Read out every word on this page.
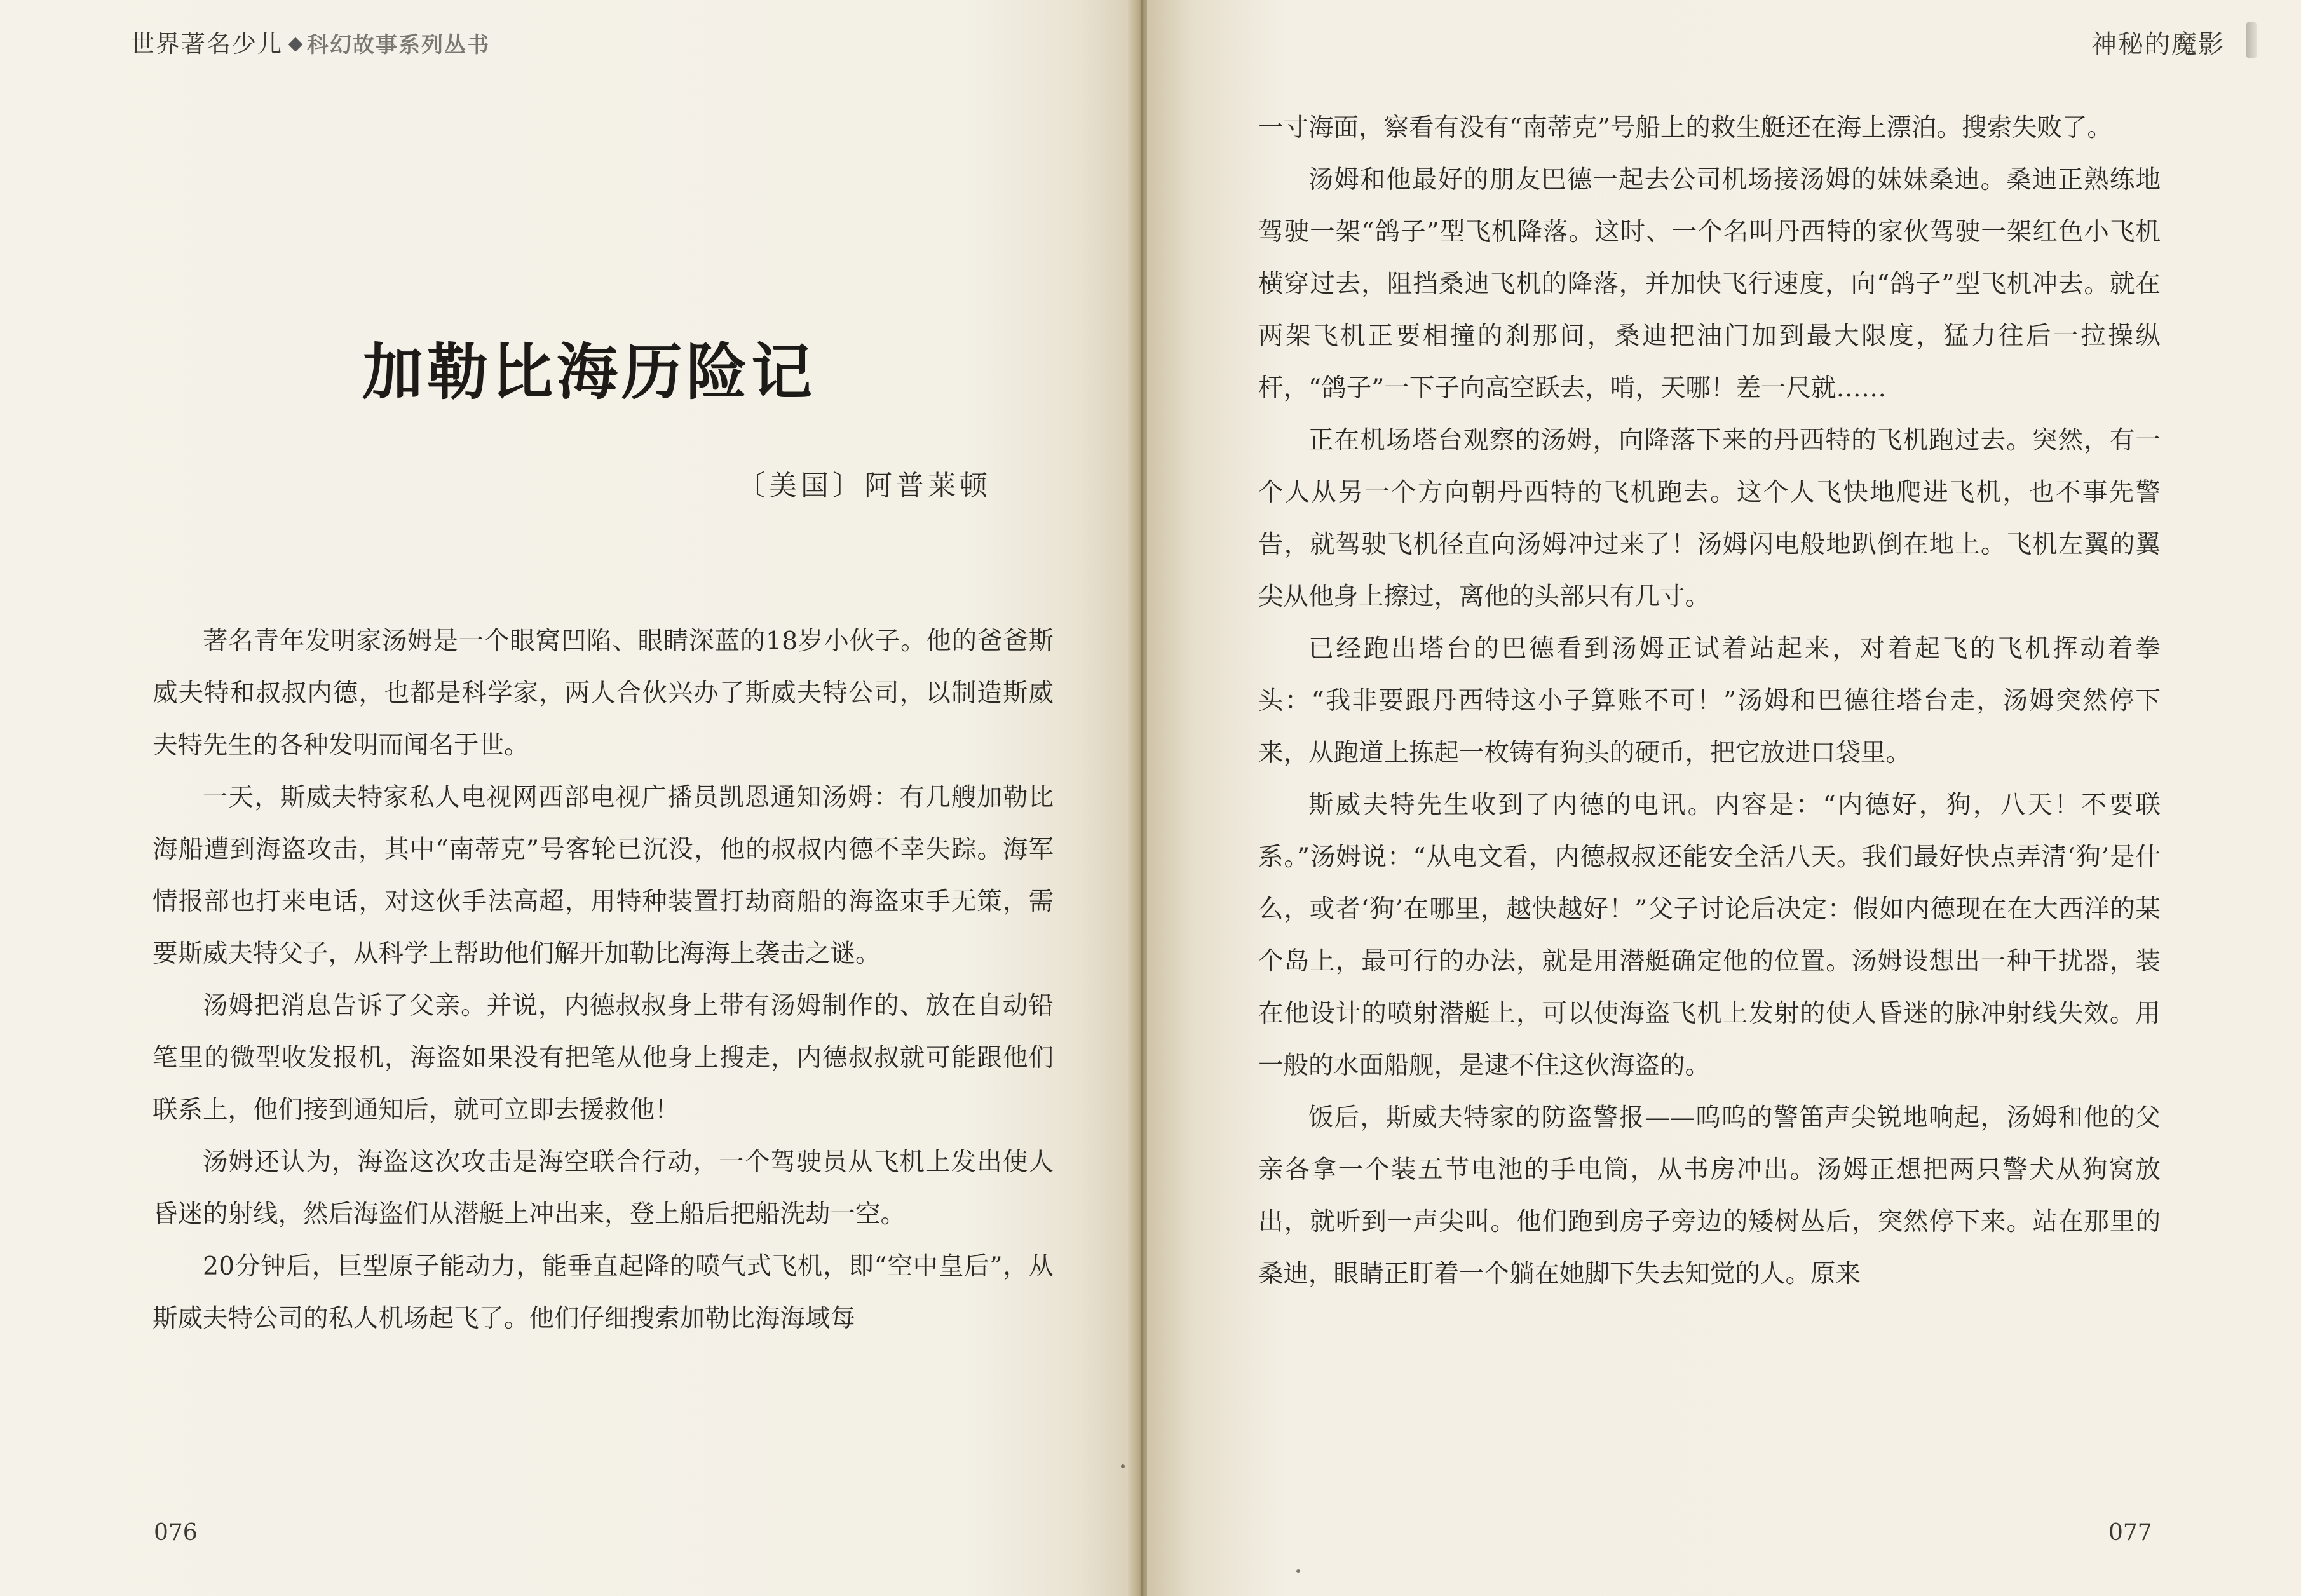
世界著名少儿 科幻故事系列丛书
加勒比海历险记
〔美国〕阿普莱顿

著名青年发明家汤姆是一个眼窝凹陷、眼睛深蓝的18岁小伙子。他的爸爸斯威夫特和叔叔内德，也都是科学家，两人合伙兴办了斯威夫特公司，以制造斯威夫特先生的各种发明而闻名于世。

一天，斯威夫特家私人电视网西部电视广播员凯恩通知汤姆：有几艘加勒比海船遭到海盗攻击，其中“南蒂克”号客轮已沉没，他的叔叔内德不幸失踪。海军情报部也打来电话，对这伙手法高超，用特种装置打劫商船的海盗束手无策，需要斯威夫特父子，从科学上帮助他们解开加勒比海海上袭击之谜。

汤姆把消息告诉了父亲。并说，内德叔叔身上带有汤姆制作的、放在自动铅笔里的微型收发报机，海盗如果没有把笔从他身上搜走，内德叔叔就可能跟他们联系上，他们接到通知后，就可立即去援救他！

汤姆还认为，海盗这次攻击是海空联合行动，一个驾驶员从飞机上发出使人昏迷的射线，然后海盗们从潜艇上冲出来，登上船后把船洗劫一空。

20分钟后，巨型原子能动力，能垂直起降的喷气式飞机，即“空中皇后”，从斯威夫特公司的私人机场起飞了。他们仔细搜索加勒比海海域每

076
神秘的魔影

一寸海面，察看有没有“南蒂克”号船上的救生艇还在海上漂泊。搜索失败了。

汤姆和他最好的朋友巴德一起去公司机场接汤姆的妹妹桑迪。桑迪正熟练地驾驶一架“鸽子”型飞机降落。这时、一个名叫丹西特的家伙驾驶一架红色小飞机横穿过去，阻挡桑迪飞机的降落，并加快飞行速度，向“鸽子”型飞机冲去。就在两架飞机正要相撞的刹那间，桑迪把油门加到最大限度，猛力往后一拉操纵杆，“鸽子”一下子向高空跃去，啃，天哪！差一尺就……

正在机场塔台观察的汤姆，向降落下来的丹西特的飞机跑过去。突然，有一个人从另一个方向朝丹西特的飞机跑去。这个人飞快地爬进飞机，也不事先警告，就驾驶飞机径直向汤姆冲过来了！汤姆闪电般地趴倒在地上。飞机左翼的翼尖从他身上擦过，离他的头部只有几寸。

已经跑出塔台的巴德看到汤姆正试着站起来，对着起飞的飞机挥动着拳头：“我非要跟丹西特这小子算账不可！”汤姆和巴德往塔台走，汤姆突然停下来，从跑道上拣起一枚铸有狗头的硬币，把它放进口袋里。

斯威夫特先生收到了内德的电讯。内容是：“内德好，狗，八天！不要联系。”汤姆说：“从电文看，内德叔叔还能安全活八天。我们最好快点弄清‘狗’是什么，或者‘狗’在哪里，越快越好！”父子讨论后决定：假如内德现在在大西洋的某个岛上，最可行的办法，就是用潜艇确定他的位置。汤姆设想出一种干扰器，装在他设计的喷射潜艇上，可以使海盗飞机上发射的使人昏迷的脉冲射线失效。用一般的水面船舰，是逮不住这伙海盗的。

饭后，斯威夫特家的防盗警报——呜呜的警笛声尖锐地响起，汤姆和他的父亲各拿一个装五节电池的手电筒，从书房冲出。汤姆正想把两只警犬从狗窝放出，就听到一声尖叫。他们跑到房子旁边的矮树丛后，突然停下来。站在那里的桑迪，眼睛正盯着一个躺在她脚下失去知觉的人。原来

077
